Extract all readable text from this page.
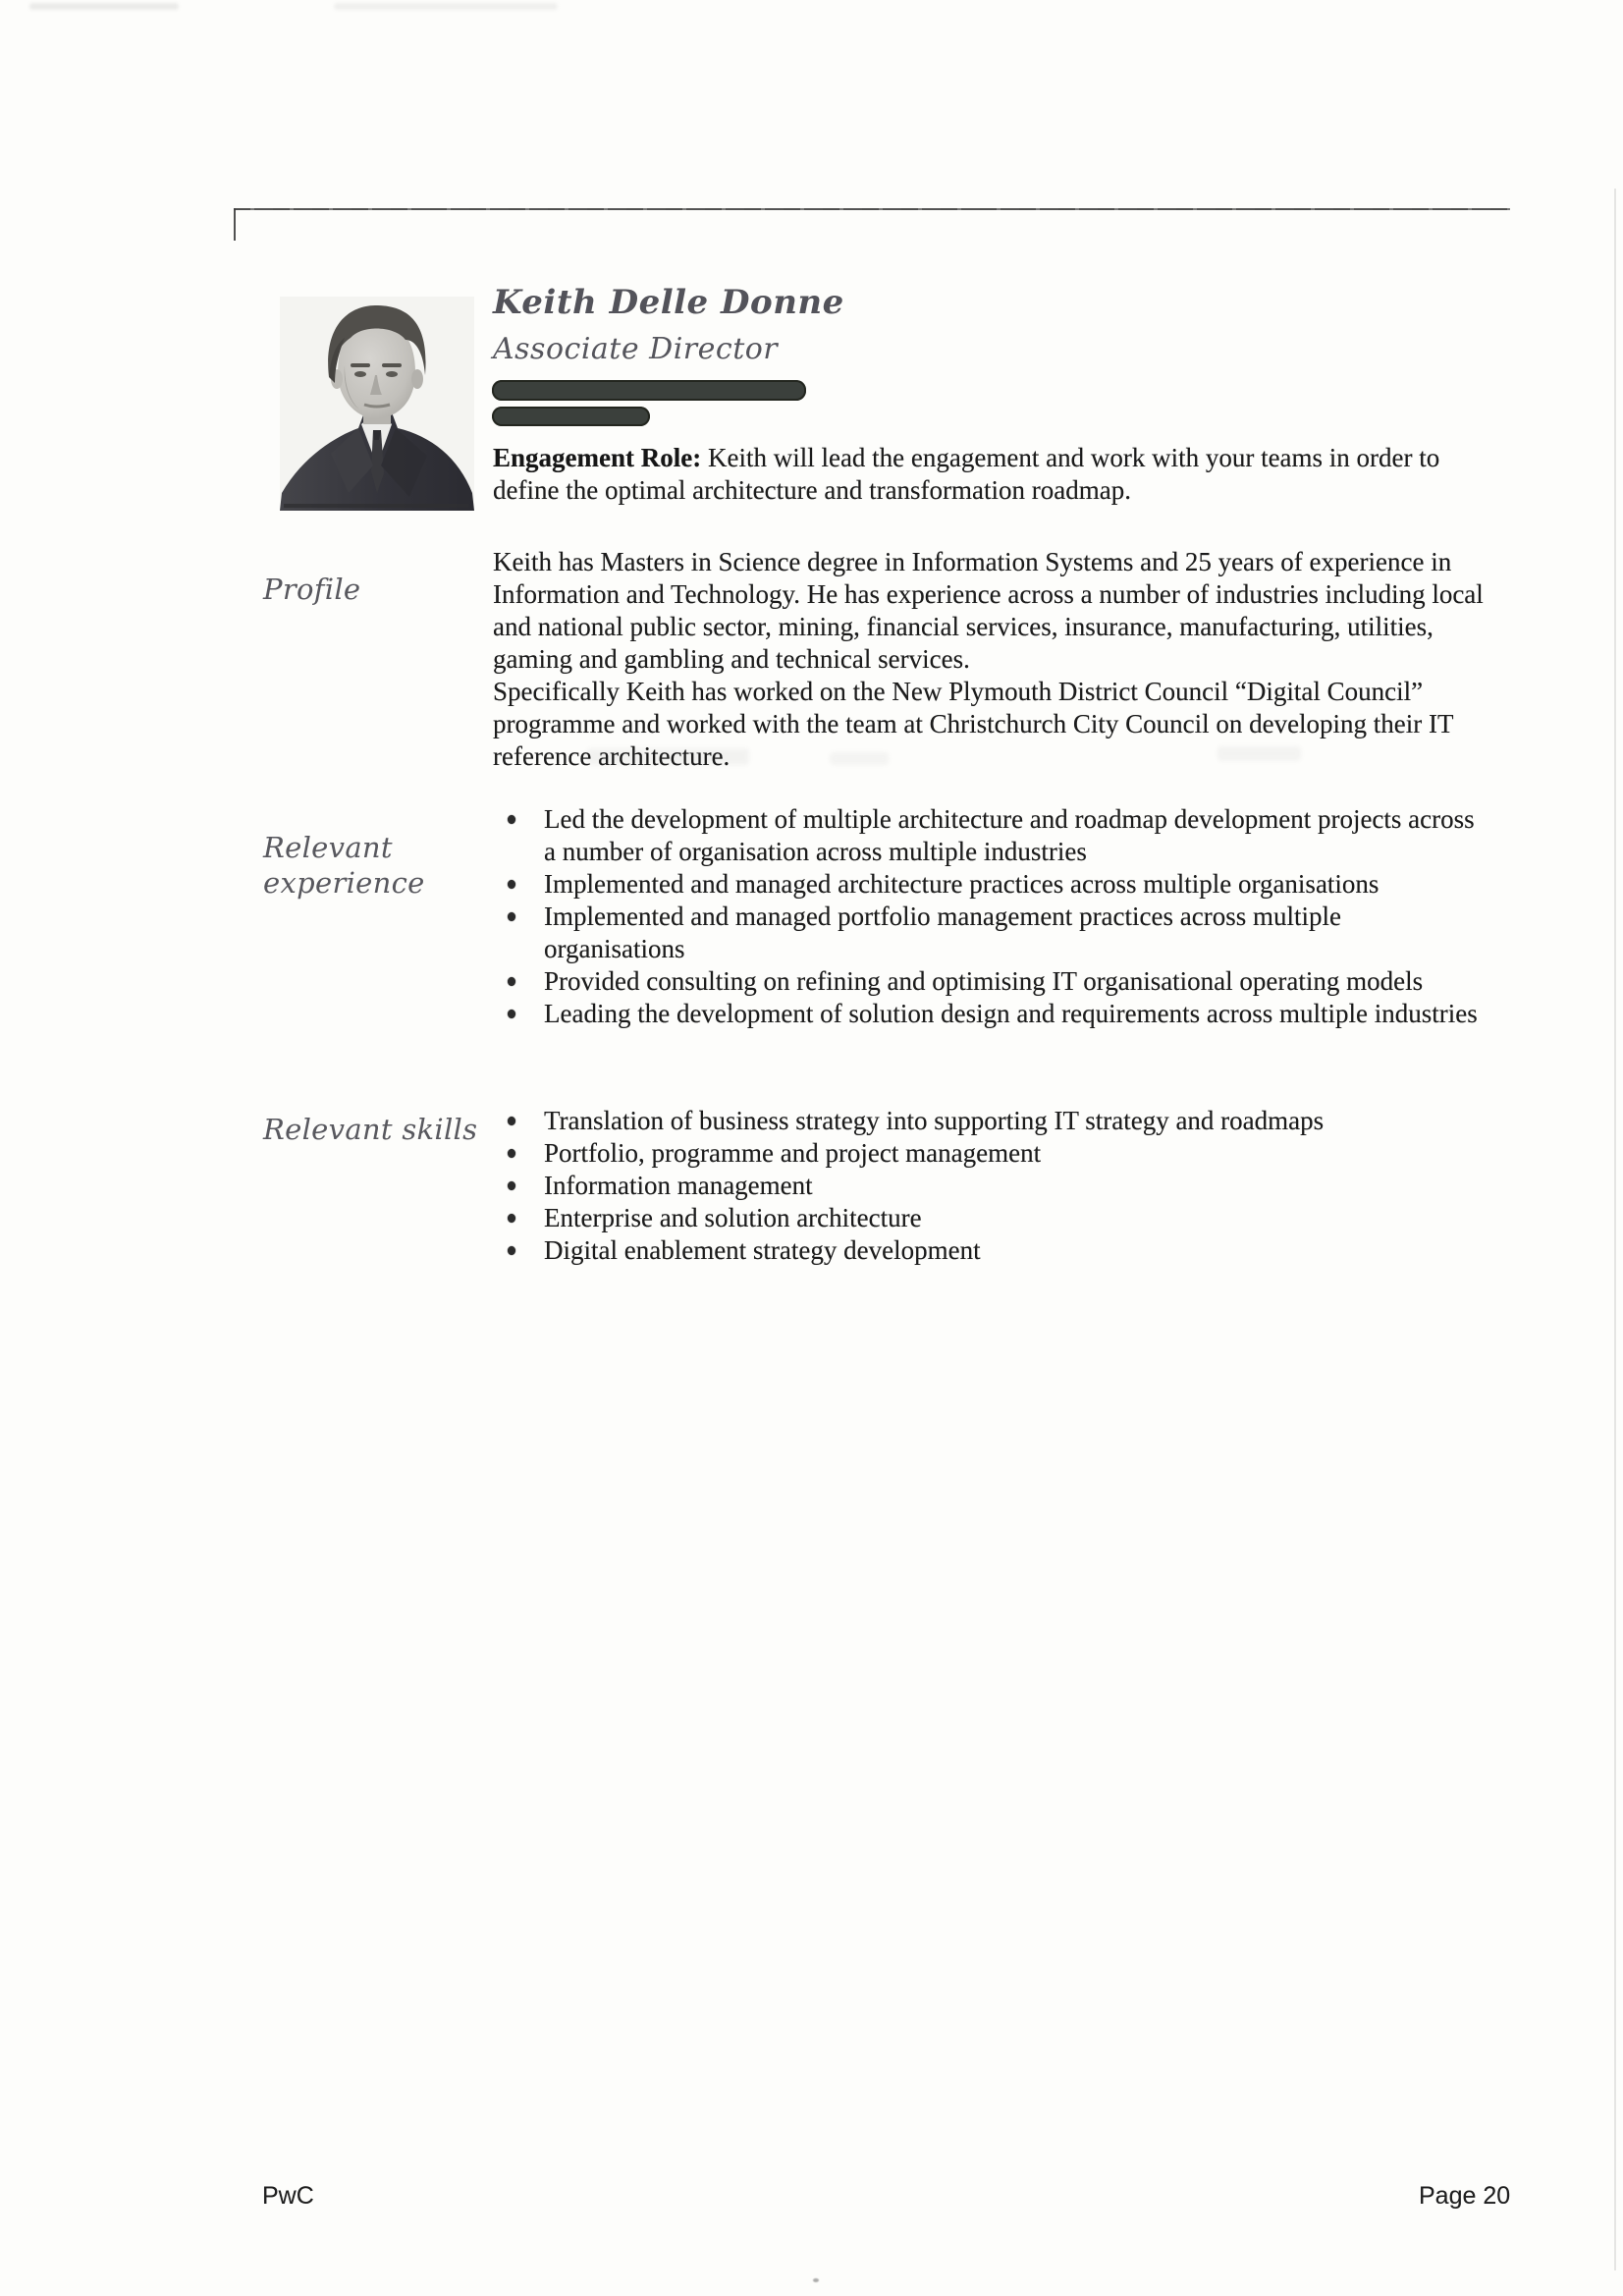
Keith Delle Donne
Associate Director
Engagement Role: Keith will lead the engagement and work with your teams in order to define the optimal architecture and transformation roadmap.
Profile

Keith has Masters in Science degree in Information Systems and 25 years of experience in Information and Technology. He has experience across a number of industries including local and national public sector, mining, financial services, insurance, manufacturing, utilities, gaming and gambling and technical services.

Specifically Keith has worked on the New Plymouth District Council “Digital Council” programme and worked with the team at Christchurch City Council on developing their IT reference architecture.

Relevant experience
Led the development of multiple architecture and roadmap development projects across a number of organisation across multiple industries
Implemented and managed architecture practices across multiple organisations
Implemented and managed portfolio management practices across multiple organisations
Provided consulting on refining and optimising IT organisational operating models
Leading the development of solution design and requirements across multiple industries
Relevant skills	Translation of business strategy into supporting IT strategy and roadmaps
Portfolio, programme and project management
Information management
Enterprise and solution architecture
Digital enablement strategy development
PwC	Page 20
